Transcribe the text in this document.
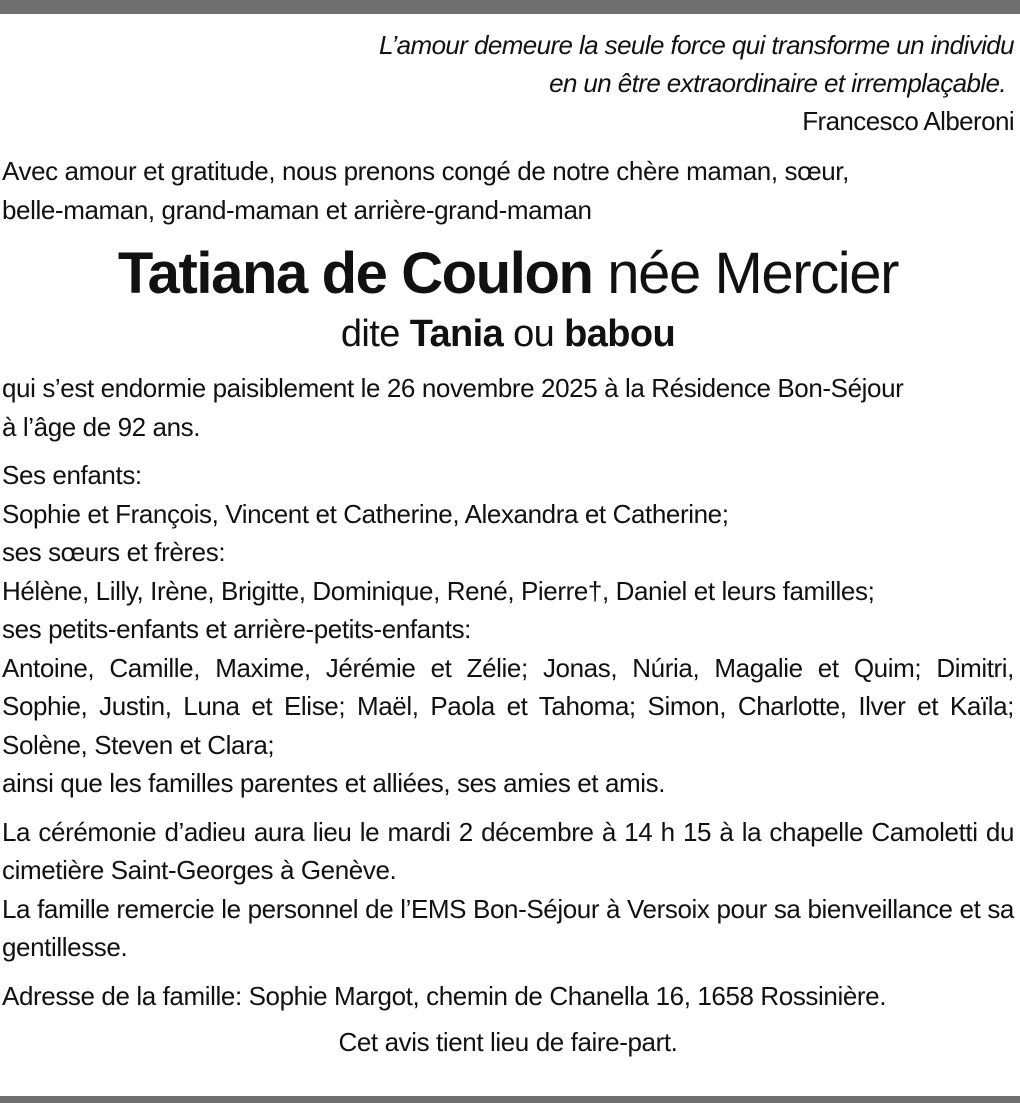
L’amour demeure la seule force qui transforme un individu

en un être extraordinaire et irremplaçable.
Francesco Alberoni

Avec amour et gratitude, nous prenons congé de notre chère maman, sœur,
belle-maman, grand-maman et arrière-grand-maman

Tatiana de Coulon née Mercier
dite Tania ou babou

qui s’est endormie paisiblement le 26 novembre 2025 à la Résidence Bon-Séjour
à l’âge de 92 ans.

Ses enfants:

Sophie et François, Vincent et Catherine, Alexandra et Catherine;

ses sœurs et frères:

Hélène, Lilly, Irène, Brigitte, Dominique, René, Pierre†, Daniel et leurs familles;

ses petits-enfants et arrière-petits-enfants:

Antoine, Camille, Maxime, Jérémie et Zélie; Jonas, Núria, Magalie et Quim; Dimitri, Sophie, Justin, Luna et Elise; Maël, Paola et Tahoma; Simon, Charlotte, Ilver et Kaïla; Solène, Steven et Clara;

ainsi que les familles parentes et alliées, ses amies et amis.

La cérémonie d’adieu aura lieu le mardi 2 décembre à 14 h 15 à la chapelle Camoletti du cimetière Saint-Georges à Genève.

La famille remercie le personnel de l’EMS Bon-Séjour à Versoix pour sa bienveillance et sa gentillesse.

Adresse de la famille: Sophie Margot, chemin de Chanella 16, 1658 Rossinière.

Cet avis tient lieu de faire-part.
